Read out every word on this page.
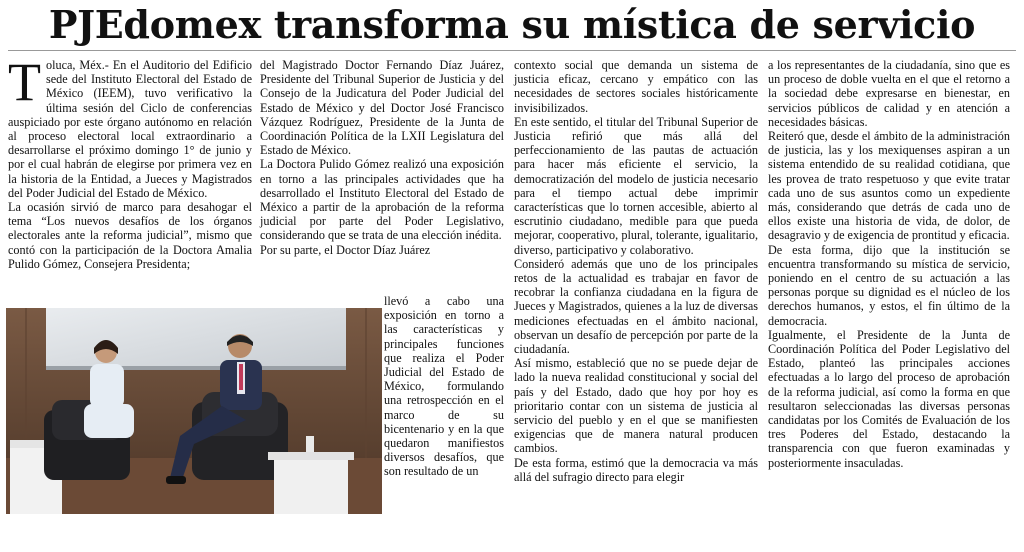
PJEdomex transforma su mística de servicio
T oluca, Méx.- En el Auditorio del Edificio sede del Instituto Electoral del Estado de México (IEEM), tuvo verificativo la última sesión del Ciclo de conferencias auspiciado por este órgano autónomo en relación al proceso electoral local extraordinario a desarrollarse el próximo domingo 1° de junio y por el cual habrán de elegirse por primera vez en la historia de la Entidad, a Jueces y Magistrados del Poder Judicial del Estado de México.

La ocasión sirvió de marco para desahogar el tema “Los nuevos desafíos de los órganos electorales ante la reforma judicial”, mismo que contó con la participación de la Doctora Amalia Pulido Gómez, Consejera Presidenta;

del Magistrado Doctor Fernando Díaz Juárez, Presidente del Tribunal Superior de Justicia y del Consejo de la Judicatura del Poder Judicial del Estado de México y del Doctor José Francisco Vázquez Rodríguez, Presidente de la Junta de Coordinación Política de la LXII Legislatura del Estado de México.

La Doctora Pulido Gómez realizó una exposición en torno a las principales actividades que ha desarrollado el Instituto Electoral del Estado de México a partir de la aprobación de la reforma judicial por parte del Poder Legislativo, considerando que se trata de una elección inédita.

Por su parte, el Doctor Díaz Juárez

llevó a cabo una exposición en torno a las características y principales funciones que realiza el Poder Judicial del Estado de México, formulando una retrospección en el marco de su bicentenario y en la que quedaron manifiestos diversos desafíos, que son resultado de un

contexto social que demanda un sistema de justicia eficaz, cercano y empático con las necesidades de sectores sociales históricamente invisibilizados.

En este sentido, el titular del Tribunal Superior de Justicia refirió que más allá del perfeccionamiento de las pautas de actuación para hacer más eficiente el servicio, la democratización del modelo de justicia necesario para el tiempo actual debe imprimir características que lo tornen accesible, abierto al escrutinio ciudadano, medible para que pueda mejorar, cooperativo, plural, tolerante, igualitario, diverso, participativo y colaborativo.

Consideró además que uno de los principales retos de la actualidad es trabajar en favor de recobrar la confianza ciudadana en la figura de Jueces y Magistrados, quienes a la luz de diversas mediciones efectuadas en el ámbito nacional, observan un desafío de percepción por parte de la ciudadanía.

Así mismo, estableció que no se puede dejar de lado la nueva realidad constitucional y social del país y del Estado, dado que hoy por hoy es prioritario contar con un sistema de justicia al servicio del pueblo y en el que se manifiesten exigencias que de manera natural producen cambios.

De esta forma, estimó que la democracia va más allá del sufragio directo para elegir

a los representantes de la ciudadanía, sino que es un proceso de doble vuelta en el que el retorno a la sociedad debe expresarse en bienestar, en servicios públicos de calidad y en atención a necesidades básicas.

Reiteró que, desde el ámbito de la administración de justicia, las y los mexiquenses aspiran a un sistema entendido de su realidad cotidiana, que les provea de trato respetuoso y que evite tratar cada uno de sus asuntos como un expediente más, considerando que detrás de cada uno de ellos existe una historia de vida, de dolor, de desagravio y de exigencia de prontitud y eficacia.

De esta forma, dijo que la institución se encuentra transformando su mística de servicio, poniendo en el centro de su actuación a las personas porque su dignidad es el núcleo de los derechos humanos, y estos, el fin último de la democracia.

Igualmente, el Presidente de la Junta de Coordinación Política del Poder Legislativo del Estado, planteó las principales acciones efectuadas a lo largo del proceso de aprobación de la reforma judicial, así como la forma en que resultaron seleccionadas las diversas personas candidatas por los Comités de Evaluación de los tres Poderes del Estado, destacando la transparencia con que fueron examinadas y posteriormente insaculadas.
